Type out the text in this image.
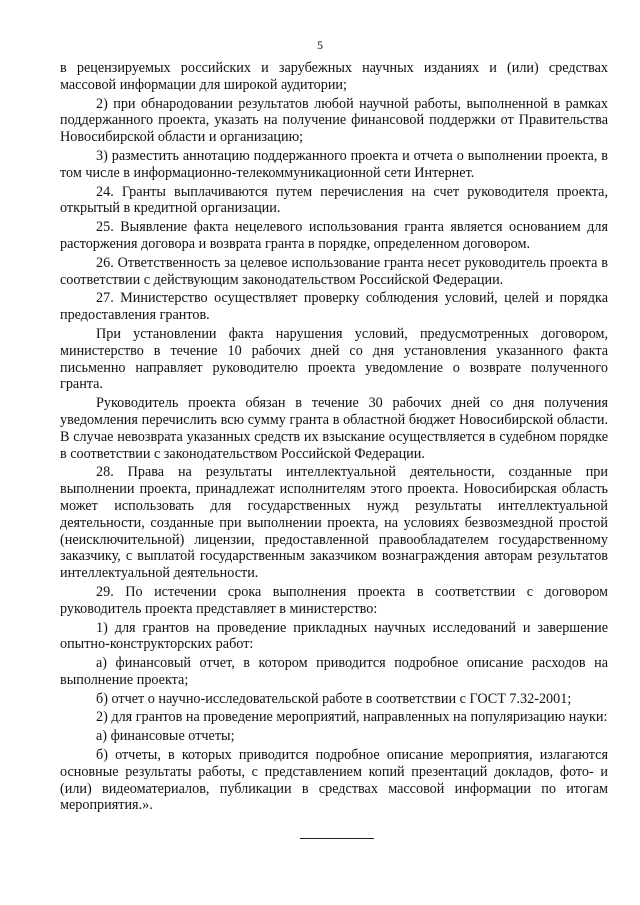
5

в рецензируемых российских и зарубежных научных изданиях и (или) средствах массовой информации для широкой аудитории;

2) при обнародовании результатов любой научной работы, выполненной в рамках поддержанного проекта, указать на получение финансовой поддержки от Правительства Новосибирской области и организацию;

3) разместить аннотацию поддержанного проекта и отчета о выполнении проекта, в том числе в информационно-телекоммуникационной сети Интернет.

24. Гранты выплачиваются путем перечисления на счет руководителя проекта, открытый в кредитной организации.

25. Выявление факта нецелевого использования гранта является основанием для расторжения договора и возврата гранта в порядке, определенном договором.

26. Ответственность за целевое использование гранта несет руководитель проекта в соответствии с действующим законодательством Российской Федерации.

27. Министерство осуществляет проверку соблюдения условий, целей и порядка предоставления грантов.

При установлении факта нарушения условий, предусмотренных договором, министерство в течение 10 рабочих дней со дня установления указанного факта письменно направляет руководителю проекта уведомление о возврате полученного гранта.

Руководитель проекта обязан в течение 30 рабочих дней со дня получения уведомления перечислить всю сумму гранта в областной бюджет Новосибирской области. В случае невозврата указанных средств их взыскание осуществляется в судебном порядке в соответствии с законодательством Российской Федерации.

28. Права на результаты интеллектуальной деятельности, созданные при выполнении проекта, принадлежат исполнителям этого проекта. Новосибирская область может использовать для государственных нужд результаты интеллектуальной деятельности, созданные при выполнении проекта, на условиях безвозмездной простой (неисключительной) лицензии, предоставленной правообладателем государственному заказчику, с выплатой государственным заказчиком вознаграждения авторам результатов интеллектуальной деятельности.

29. По истечении срока выполнения проекта в соответствии с договором руководитель проекта представляет в министерство:

1) для грантов на проведение прикладных научных исследований и завершение опытно-конструкторских работ:

а) финансовый отчет, в котором приводится подробное описание расходов на выполнение проекта;

б) отчет о научно-исследовательской работе в соответствии с ГОСТ 7.32-2001;

2) для грантов на проведение мероприятий, направленных на популяризацию науки:

а) финансовые отчеты;

б) отчеты, в которых приводится подробное описание мероприятия, излагаются основные результаты работы, с представлением копий презентаций докладов, фото- и (или) видеоматериалов, публикации в средствах массовой информации по итогам мероприятия.».
